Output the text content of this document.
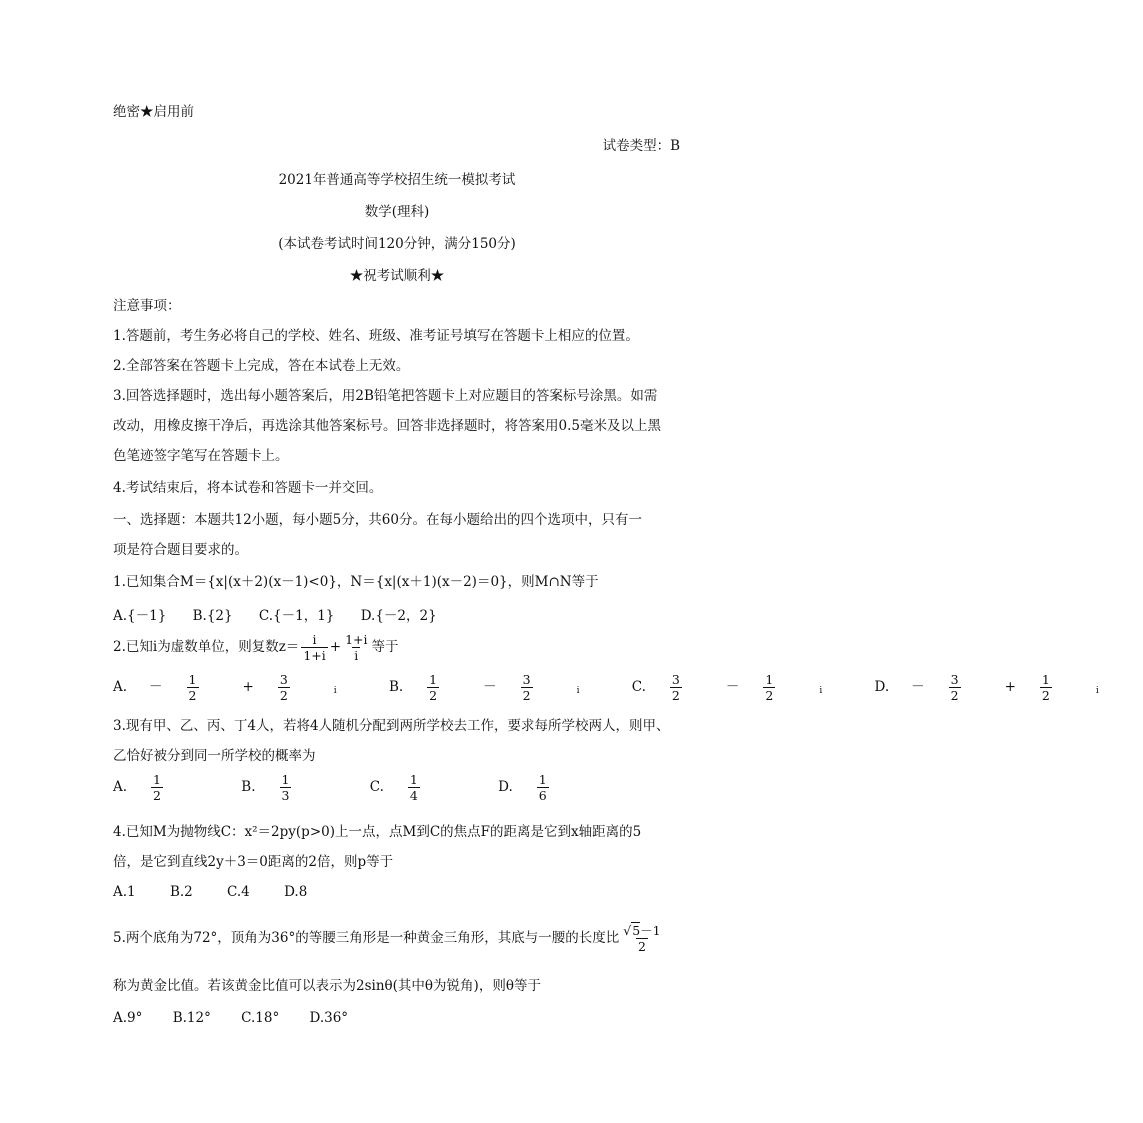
绝密★启用前
试卷类型：B
2021年普通高等学校招生统一模拟考试
数学(理科)
(本试卷考试时间120分钟，满分150分)
★祝考试顺利★
注意事项：
1.答题前，考生务必将自己的学校、姓名、班级、准考证号填写在答题卡上相应的位置。
2.全部答案在答题卡上完成，答在本试卷上无效。
3.回答选择题时，选出每小题答案后，用2B铅笔把答题卡上对应题目的答案标号涂黑。如需
改动，用橡皮擦干净后，再选涂其他答案标号。回答非选择题时，将答案用0.5毫米及以上黑
色笔迹签字笔写在答题卡上。
4.考试结束后，将本试卷和答题卡一并交回。
一、选择题：本题共12小题，每小题5分，共60分。在每小题给出的四个选项中，只有一
项是符合题目要求的。
1.已知集合M＝{x|(x＋2)(x－1)<0}，N＝{x|(x＋1)(x－2)＝0}，则M∩N等于
A.{－1} B.{2} C.{－1，1} D.{－2，2}
2.已知i为虚数单位，则复数$z= \frac{i}{1+i} + \frac{1+i}{i}$ 等于
A. － $\frac{1}{2} + \frac{3}{2}$ i	B. $\frac{1}{2} - \frac{3}{2}$ i	C. $\frac{3}{2} - \frac{1}{2}$ i	D. － $\frac{3}{2} + \frac{1}{2}$ i
3.现有甲、乙、丙、丁4人，若将4人随机分配到两所学校去工作，要求每所学校两人，则甲、
乙恰好被分到同一所学校的概率为
A. $\frac{1}{2}$	B. $\frac{1}{3}$	C. $\frac{1}{4}$	D. $\frac{1}{6}$
4.已知M为抛物线C：x²＝2py(p>0)上一点，点M到C的焦点F的距离是它到x轴距离的5
倍，是它到直线2y＋3＝0距离的2倍，则p等于
A.1	B.2	C.4	D.8
5.两个底角为72°，顶角为36°的等腰三角形是一种黄金三角形，其底与一腰的长度比 $\frac{√5-1}{2}$
称为黄金比值。若该黄金比值可以表示为2sinθ(其中θ为锐角)，则θ等于
A.9° B.12° C.18° D.36°
